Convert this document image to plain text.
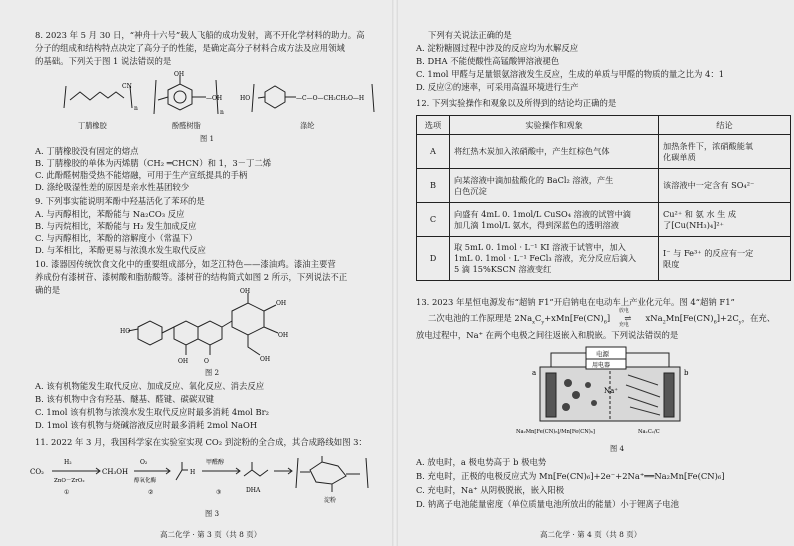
8. 2023 年 5 月 30 日，“神舟十六号”载人飞船的成功发射，离不开化学材料的助力。高
分子的组成和结构特点决定了高分子的性能，是确定高分子材料合成方法及应用领域
的基础。下列关于图 1 说法错误的是
CN
n
OH
—OH
n
HO	—C—O—CH₂CH₂O—H
丁腈橡胶	酚醛树脂	涤纶
图 1
A. 丁腈橡胶没有固定的熔点
B. 丁腈橡胶的单体为丙烯腈（CH₂ ═CHCN）和 1，3－丁二烯
C. 此酚醛树脂受热不能熔融，可用于生产宣纸提具的手柄
D. 涤纶吸湿性差的原因是亲水性基团较少
9. 下列事实能说明苯酚中羟基活化了苯环的是
A. 与丙醇相比，苯酚能与 Na₂CO₃ 反应
B. 与丙烷相比，苯酚能与 H₂ 发生加成反应
C. 与丙醇相比，苯酚的溶解度小（常温下）
D. 与苯相比，苯酚更易与浓溴水发生取代反应
10. 漆器因传统饮食文化中的重要组成部分，如芝江特色——漆油鸡。漆油主要营
养成份有漆树苷、漆树酸和脂肪酸等。漆树苷的结构简式如图 2 所示，下列说法不正
确的是
HO
O
OH
OH
OH
OH
OH
图 2
A. 该有机物能发生取代反应、加成反应、氧化反应、消去反应
B. 该有机物中含有羟基、醚基、醛键、碳碳双键
C. 1mol 该有机物与浓溴水发生取代反应时最多消耗 4mol Br₂
D. 1mol 该有机物与烧碱溶液反应时最多消耗 2mol NaOH
11. 2022 年 3 月，我国科学家在实验室实现 CO₂ 到淀粉的全合成，其合成路线如图 3：
CO₂
H₂
ZnO－ZrO₂
①
CH₃OH
O₂
醇氧化酶
②
H
甲醛醇
③	DHA
淀粉
图 3
高二化学 · 第 3 页（共 8 页）
下列有关说法正确的是
A. 淀粉糖圆过程中涉及的反应均为水解反应
B. DHA 不能使酸性高锰酸钾溶液褪色
C. 1mol 甲醛与足量银氨溶液发生反应，生成的单质与甲醛的物质的量之比为 4：1
D. 反应②的速率，可采用高温环境进行生产
12. 下列实验操作和观象以及所得到的结论均正确的是
选项	实验操作和观象	结论
A	将红热木炭加入浓硝酸中，产生红棕色气体	加热条件下，浓硝酸能氧
化碳单质
B	向某溶液中滴加盐酸化的 BaCl₂ 溶液，产生
白色沉淀	该溶液中一定含有 SO₄²⁻
C	向盛有 4mL 0. 1mol/L CuSO₄ 溶液的试管中滴
加几滴 1mol/L 氨水，得到深蓝色的透明溶液	Cu²⁺ 和 氨 水 生 成
了[Cu(NH₃)₄]²⁺
D	取 5mL 0. 1mol · L⁻¹ KI 溶液于试管中，加入
1mL 0. 1mol · L⁻¹ FeCl₃ 溶液，充分反应后滴入
5 滴 15%KSCN 溶液变红	I⁻ 与 Fe³⁺ 的反应有一定
限度
13. 2023 年星恒电源发布“超钠 F1”开启钠电在电动车上产业化元年。图 4“超钠 F1”
二次电池的工作原理是 $2Na_xC_y+xMn[Fe(CN)_6]$
放电
⇌
充电
$xNa_2Mn[Fe(CN)_6]+2C_y$，在充、
放电过程中，Na⁺ 在两个电极之间往返嵌入和脱嵌。下列说法错误的是
Na⁺
电源
用电器
a	b
Na₂Mn[Fe(CN)₆]/Mn[Fe(CN)₆]	NaₓCₓ/C
图 4
A. 放电时，a 极电势高于 b 极电势
B. 充电时，正极的电极反应式为 Mn[Fe(CN)₆]+2e⁻+2Na⁺══Na₂Mn[Fe(CN)₆]
C. 充电时，Na⁺ 从阴极脱嵌，嵌入阳极
D. 钠离子电池能量密度（单位质量电池所放出的能量）小于锂离子电池
高二化学 · 第 4 页（共 8 页）
